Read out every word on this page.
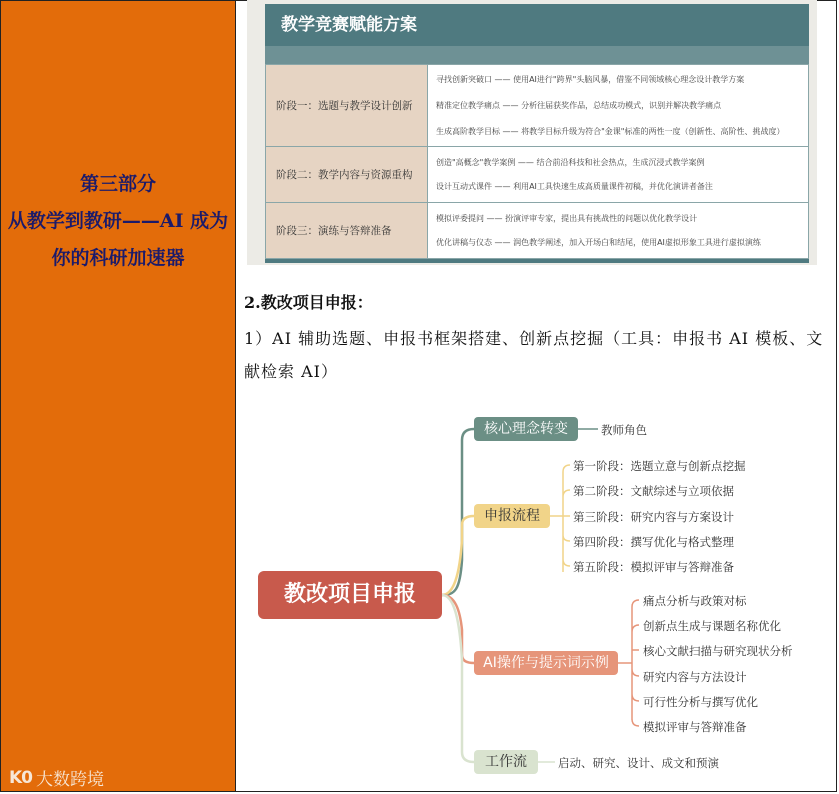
第三部分
从教学到教研——AI 成为
你的科研加速器
K0 大数跨境
教学竞赛赋能方案
阶段一：选题与教学设计创新	寻找创新突破口 —— 使用AI进行"跨界"头脑风暴，借鉴不同领域核心理念设计教学方案
精准定位教学痛点 —— 分析往届获奖作品，总结成功模式，识别并解决教学痛点
生成高阶教学目标 —— 将教学目标升级为符合"金课"标准的两性一度（创新性、高阶性、挑战度）

阶段二：教学内容与资源重构	创造"高概念"教学案例 —— 结合前沿科技和社会热点，生成沉浸式教学案例
设计互动式课件 —— 利用AI工具快速生成高质量课件初稿，并优化演讲者备注

阶段三：演练与答辩准备	模拟评委提问 —— 扮演评审专家，提出具有挑战性的问题以优化教学设计
优化讲稿与仪态 —— 润色教学阐述，加入开场白和结尾，使用AI虚拟形象工具进行虚拟演练
2.教改项目申报：
1）AI 辅助选题、申报书框架搭建、创新点挖掘（工具：申报书 AI 模板、文献检索 AI）
教改项目申报
核心理念转变
申报流程
AI操作与提示词示例
工作流
教师角色
第一阶段：选题立意与创新点挖掘
第二阶段：文献综述与立项依据
第三阶段：研究内容与方案设计
第四阶段：撰写优化与格式整理
第五阶段：模拟评审与答辩准备
痛点分析与政策对标
创新点生成与课题名称优化
核心文献扫描与研究现状分析
研究内容与方法设计
可行性分析与撰写优化
模拟评审与答辩准备
启动、研究、设计、成文和预演
